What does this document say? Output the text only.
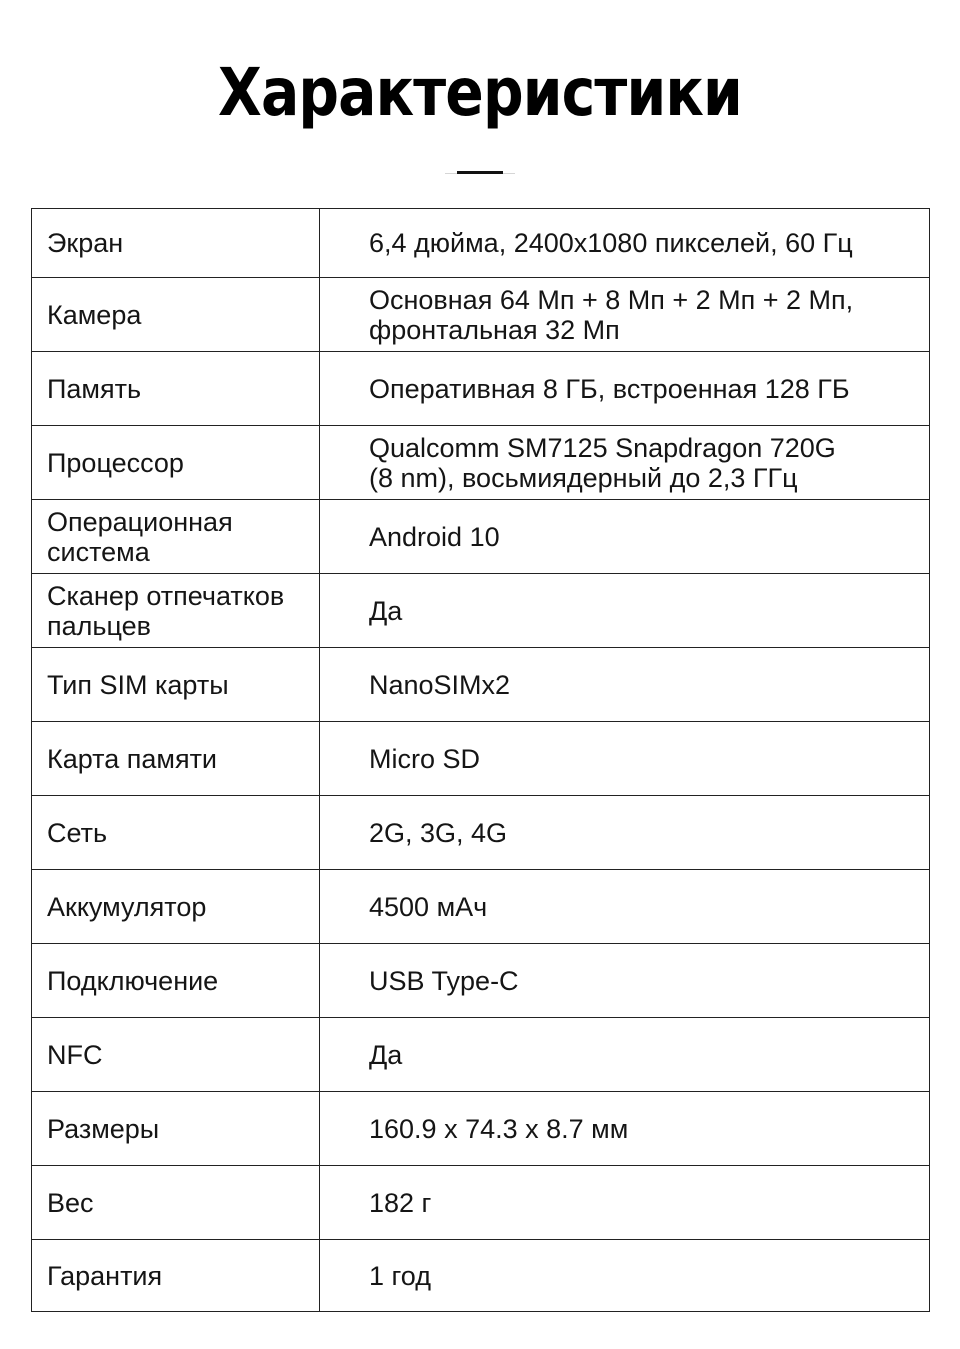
Характеристики
Экран	6,4 дюйма, 2400x1080 пикселей, 60 Гц
Камера	Основная 64 Мп + 8 Мп + 2 Мп + 2 Мп,
фронтальная 32 Мп
Память	Оперативная 8 ГБ, встроенная 128 ГБ
Процессор	Qualcomm SM7125 Snapdragon 720G
(8 nm), восьмиядерный до 2,3 ГГц
Операционная
система	Android 10
Сканер отпечатков
пальцев	Да
Тип SIM карты	NanoSIMx2
Карта памяти	Micro SD
Сеть	2G, 3G, 4G
Аккумулятор	4500 мАч
Подключение	USB Type-C
NFC	Да
Размеры	160.9 x 74.3 x 8.7 мм
Вес	182 г
Гарантия	1 год
